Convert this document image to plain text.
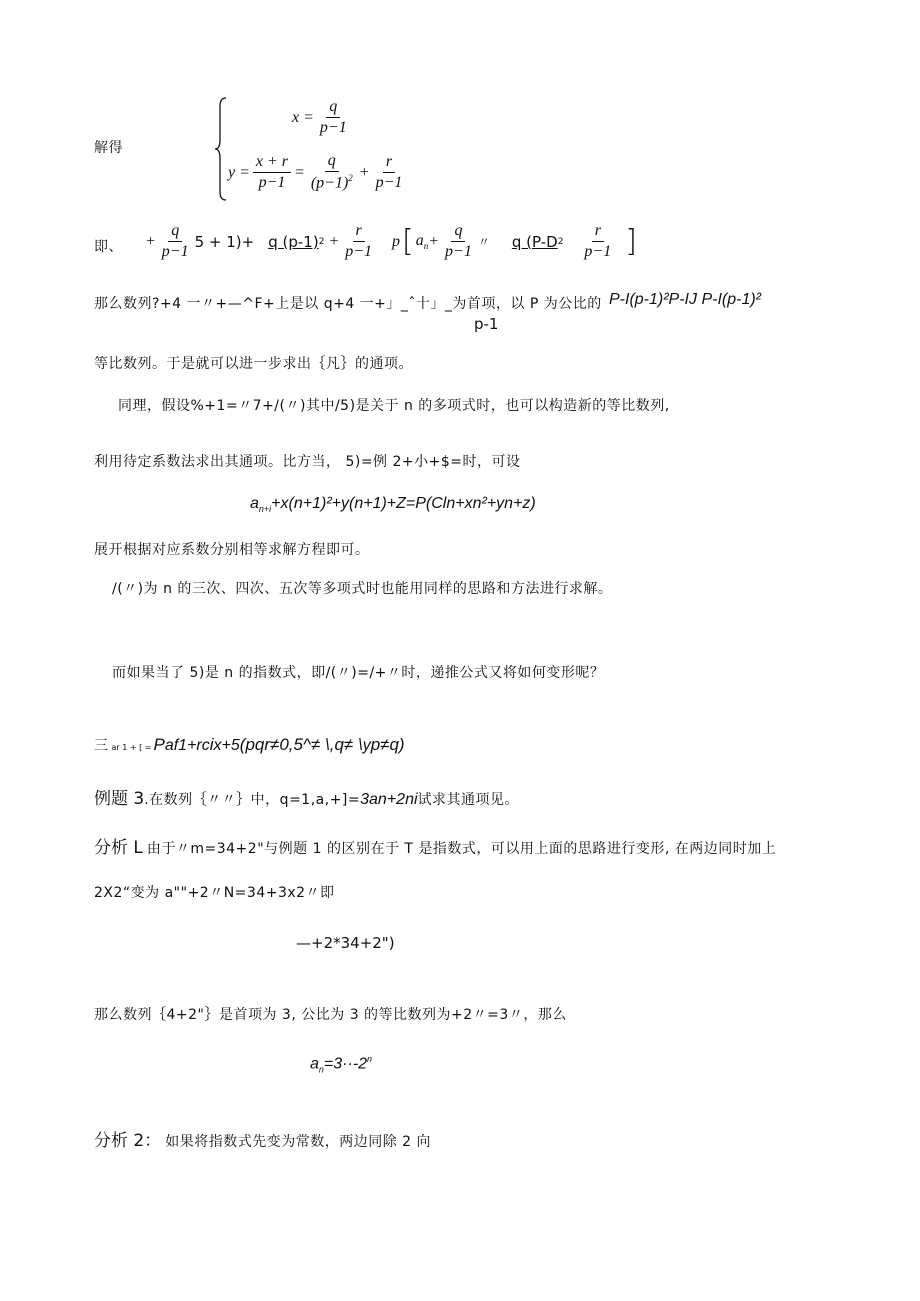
解得
$x = \frac{q}{p-1}$
$y = \frac{x + r}{p-1} = \frac{q}{(p-1)^2} + \frac{r}{p-1}$
即、 + $\frac{q}{p-1} 5 + 1)+ q$ (p-1) $2 + \frac{r}{p-1}$ p [ $a_n + \frac{q}{p-1}$ 〃 q (P-D $2 \frac{r}{p-1}$ ]
那么数列?+4 一〃+—^F+上是以 q+4 一+」_ˆ十」_为首项，以 P 为公比的 P-I(p-1)²P-IJ P-I(p-1)²
p-1
等比数列。于是就可以进一步求出｛凡｝的通项。
同理，假设%+1=〃7+/(〃)其中/5)是关于 n 的多项式时，也可以构造新的等比数列,
利用待定系数法求出其通项。比方当， 5)=例 2+小+$=时，可设
$a_{n+i}+x(n+1)^2+y(n+1)+Z=P(Cln+xn^2+yn+z)$
展开根据对应系数分别相等求解方程即可。
/(〃)为 n 的三次、四次、五次等多项式时也能用同样的思路和方法进行求解。
而如果当了 5)是 n 的指数式，即/(〃)=/+〃时，递推公式又将如何变形呢？
三 a r 1 + [ = P a f1 +rc i x+5 (pqr≠0,5^≠ \,q≠ \ y p≠q)
例题 3 .在数列｛〃〃｝中，q=1,a,+]= 3a n +2 n i 试求其通项见。
分析 L 由于〃m=34+2"与例题 1 的区别在于 T 是指数式，可以用上面的思路进行变形, 在两边同时加上
2X2“变为 a""+2〃N=34+3x2〃即
—+2*34+2")
那么数列｛4+2"｝是首项为 3, 公比为 3 的等比数列为+2〃=3〃，那么
$a_n=3\cdot\cdot-2^n$
分析 2： 如果将指数式先变为常数，两边同除 2 向
